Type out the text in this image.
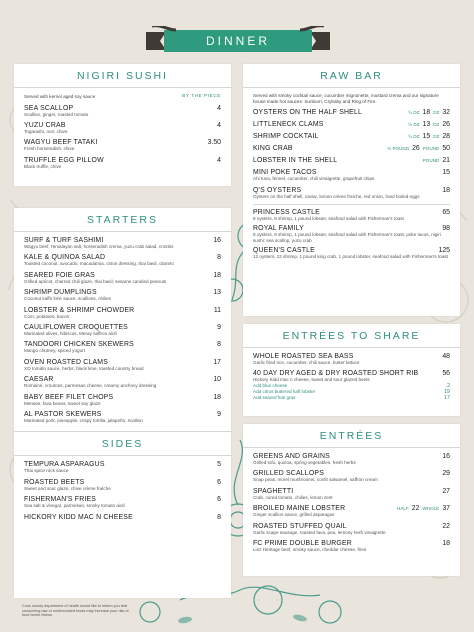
DINNER
NIGIRI SUSHI
Served with kernel aged soy sauce	BY THE PIECE
SEA SCALLOP	4
Scallion, ginger, roasted tomato
YUZU CRAB	4
Togarashi, nori, chive
WAGYU BEEF TATAKI	3.50
Fresh horseradish, chive
TRUFFLE EGG PILLOW	4
Black truffle, chive
STARTERS
SURF & TURF SASHIMI	16
Wagyu beef, Himalayan salt, horseradish crema, yuzu crab salad, crostini
KALE & QUINOA SALAD	8
Toasted coconut, avocado, macadamia, citrus dressing, thai basil, cilantro
SEARED FOIE GRAS	18
Grilled apricot, charred chili glaze, thai basil, sesame candied peanuts
SHRIMP DUMPLINGS	13
Coconut kaffir lime sauce, scallions, chilies
LOBSTER & SHRIMP CHOWDER	11
Corn, potatoes, bacon
CAULIFLOWER CROQUETTES	9
Marinated olives, hibiscus, Meray saffron aioli
TANDOORI CHICKEN SKEWERS	8
Mango chutney, spiced yogurt
OVEN ROASTED CLAMS	17
XO tomato sauce, herbs, black lime, toasted country bread
CAESAR	10
Romaine, croutons, parmesan cheese, creamy anchovy dressing
BABY BEEF FILET CHOPS	18
Mensee, fava beans, sweet soy glaze
AL PASTOR SKEWERS	9
Marinated pork, pineapple, crispy tortilla, jalapeño, scallion
SIDES
TEMPURA ASPARAGUS	5
Thai spice rock sauce
ROASTED BEETS	6
Sweet and sour glaze, chive crème fraîche
FISHERMAN'S FRIES	6
Sea salt & vinegar, parmesan, smoky tomato aioli
HICKORY KIDD MAC N CHEESE	8
RAW BAR
Served with smoky cocktail sauce, cucumber mignonette, mustard crema and our signature house made hot sauces: Sunburn, Crybaby and Ring of Fire.
OYSTERS ON THE HALF SHELL	½ DZ 18 DZ 32
LITTLENECK CLAMS	½ DZ 13 DZ 26
SHRIMP COCKTAIL	½ DZ 15 DZ 28
KING CRAB	½ POUND 26 POUND 50
LOBSTER IN THE SHELL	POUND 21
MINI POKE TACOS	15
Ahi tuna, fennel, cucumber, chili vinaigrette, grapefruit chips
Q'S OYSTERS	18
Oysters on the half shell, caviar, lemon crème fraîche, red onion, hard boiled eggs
PRINCESS CASTLE	65
8 oysters, 8 shrimp, 1 pound lobster, seafood salad with Fisherman's toast
ROYAL FAMILY	98
8 oysters, 8 shrimp, 1 pound lobster, seafood salad with Fisherman's toast, poke tacos, nigiri sushi: sea scallop, yuzu crab
QUEEN'S CASTLE	125
12 oysters, 12 shrimp, 1 pound king crab, 1 pound lobster, seafood salad with Fisherman's toast
ENTRÉES TO SHARE
WHOLE ROASTED SEA BASS	48
Garlic fried rice, cucumber, chili sauce, butter lettuce
40 DAY DRY AGED & DRY ROASTED SHORT RIB	56
Hickory Kidd mac n cheese, sweet and sour glazed beets
Add blue cheese	2
Add citrus buttered half lobster	19
Add seared foie gras	17
ENTRÉES
GREENS AND GRAINS	16
Grilled tofu, quinoa, spring vegetables, fresh herbs
GRILLED SCALLOPS	29
Snap peas, morel mushrooms, confit salsamel, saffron cream
SPAGHETTI	27
Crab, cured tomato, chilies, lemon zest
BROILED MAINE LOBSTER	HALF 22 WHOLE 37
Ginger scallion sauce, grilled asparagus
ROASTED STUFFED QUAIL	22
Garlic scape sausage, roasted fava, pea, lemony herb vinaigrette
FC PRIME DOUBLE BURGER	18
Linz Heritage beef, smoky sauce, cheddar cheese, fries
Cook county department of health would like to inform you that consuming raw or undercooked foods may increase your risk of food borne illness.
